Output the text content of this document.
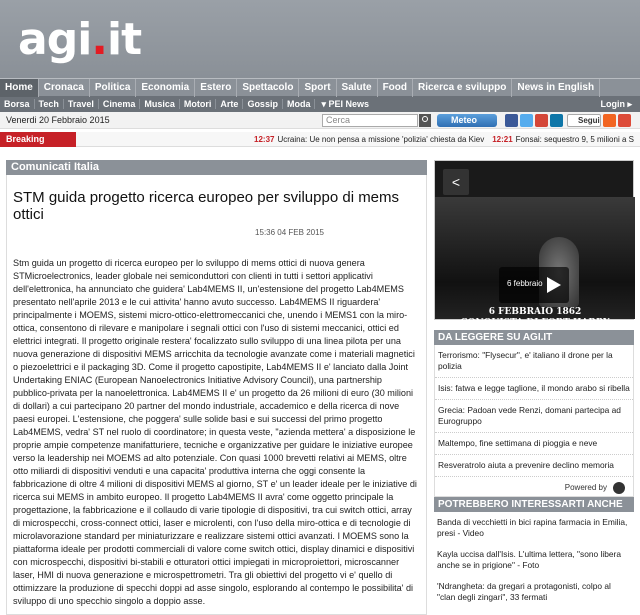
agi.it
Home	Cronaca	Politica	Economia	Estero	Spettacolo	Sport	Salute	Food	Ricerca e sviluppo	News in English
Borsa	Tech	Travel	Cinema	Musica	Motori	Arte	Gossip	Moda	▾ PEI News	Login ▸
Venerdi 20 Febbraio 2015	Cerca	Meteo	Segui
Breaking News
12:37 Ucraina: Ue non pensa a missione 'polizia' chiesta da Kiev 12:21 Fonsai: sequestro 9, 5 milioni a S
Comunicati Italia
STM guida progetto ricerca europeo per sviluppo di mems ottici
15:36 04 FEB 2015
Stm guida un progetto di ricerca europeo per lo sviluppo di mems ottici di nuova genera STMicroelectronics, leader globale nei semiconduttori con clienti in tutti i settori applicativi dell'elettronica, ha annunciato che guidera' Lab4MEMS II, un'estensione del progetto Lab4MEMS presentato nell'aprile 2013 e le cui attivita' hanno avuto successo. Lab4MEMS II riguardera' principalmente i MOEMS, sistemi micro-ottico-elettromeccanici che, unendo i MEMS1 con la miro-ottica, consentono di rilevare e manipolare i segnali ottici con l'uso di sistemi meccanici, ottici ed elettrici integrati. Il progetto originale restera' focalizzato sullo sviluppo di una linea pilota per una nuova generazione di dispositivi MEMS arricchita da tecnologie avanzate come i materiali magnetici o piezoelettrici e il packaging 3D. Come il progetto capostipite, Lab4MEMS II e' lanciato dalla Joint Undertaking ENIAC (European Nanoelectronics Initiative Advisory Council), una partnership pubblico-privata per la nanoelettronica. Lab4MEMS II e' un progetto da 26 milioni di euro (30 milioni di dollari) a cui partecipano 20 partner del mondo industriale, accademico e della ricerca di nove paesi europei. L'estensione, che poggera' sulle solide basi e sui successi del primo progetto Lab4MEMS, vedra' ST nel ruolo di coordinatore; in questa veste, "azienda mettera' a disposizione le proprie ampie competenze manifatturiere, tecniche e organizzative per guidare le iniziative europee verso la leadership nei MOEMS ad alto potenziale. Con quasi 1000 brevetti relativi ai MEMS, oltre otto miliardi di dispositivi venduti e una capacita' produttiva interna che oggi consente la fabbricazione di oltre 4 milioni di dispositivi MEMS al giorno, ST e' un leader ideale per le iniziative di ricerca sui MEMS in ambito europeo. Il progetto Lab4MEMS II avra' come oggetto principale la progettazione, la fabbricazione e il collaudo di varie tipologie di dispositivi, tra cui switch ottici, array di microspecchi, cross-connect ottici, laser e microlenti, con l'uso della miro-ottica e di tecnologie di microlavorazione standard per miniaturizzare e realizzare sistemi ottici avanzati. I MOEMS sono la piattaforma ideale per prodotti commerciali di valore come switch ottici, display dinamici e dispositivi con microspecchi, dispositivi bi-stabili e otturatori ottici impiegati in microproiettori, microscanner laser, HMI di nuova generazione e microspettrometri. Tra gli obiettivi del progetto vi e' quello di ottimizzare la produzione di specchi doppi ad asse singolo, esplorando al contempo le possibilita' di sviluppo di uno specchio singolo a doppio asse.
<
6 febbraio
6 FEBBRAIO 1862
CONQUISTA DI FORT HARRY
DA LEGGERE SU AGI.IT
Terrorismo: "Flysecur", e' italiano il drone per la polizia
Isis: fatwa e legge taglione, il mondo arabo si ribella
Grecia: Padoan vede Renzi, domani partecipa ad Eurogruppo
Maltempo, fine settimana di pioggia e neve
Resveratrolo aiuta a prevenire declino memoria
Powered by
POTREBBERO INTERESSARTI ANCHE
Banda di vecchietti in bici rapina farmacia in Emilia, presi - Video
Kayla uccisa dall'Isis. L'ultima lettera, "sono libera anche se in prigione" - Foto
'Ndrangheta: da gregari a protagonisti, colpo al "clan degli zingari", 33 fermati
